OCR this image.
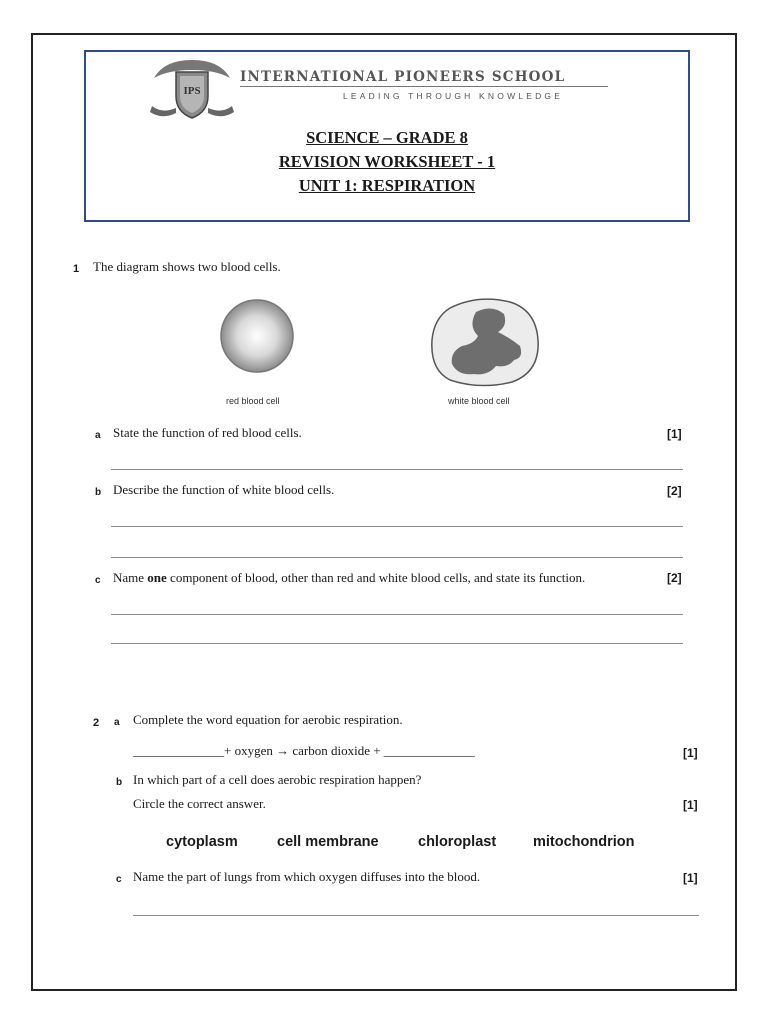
IPS
INTERNATIONAL PIONEERS SCHOOL
LEADING THROUGH KNOWLEDGE
SCIENCE – GRADE 8
REVISION WORKSHEET - 1
UNIT 1: RESPIRATION
1 The diagram shows two blood cells.
red blood cell	white blood cell
a State the function of red blood cells.	[1]
b Describe the function of white blood cells.	[2]
c Name one component of blood, other than red and white blood cells, and state its function.	[2]
2 a Complete the word equation for aerobic respiration.
______________+ oxygen → carbon dioxide + ______________	[1]
b In which part of a cell does aerobic respiration happen?
Circle the correct answer.	[1]
cytoplasm	cell membrane	chloroplast	mitochondrion
c Name the part of lungs from which oxygen diffuses into the blood.	[1]
